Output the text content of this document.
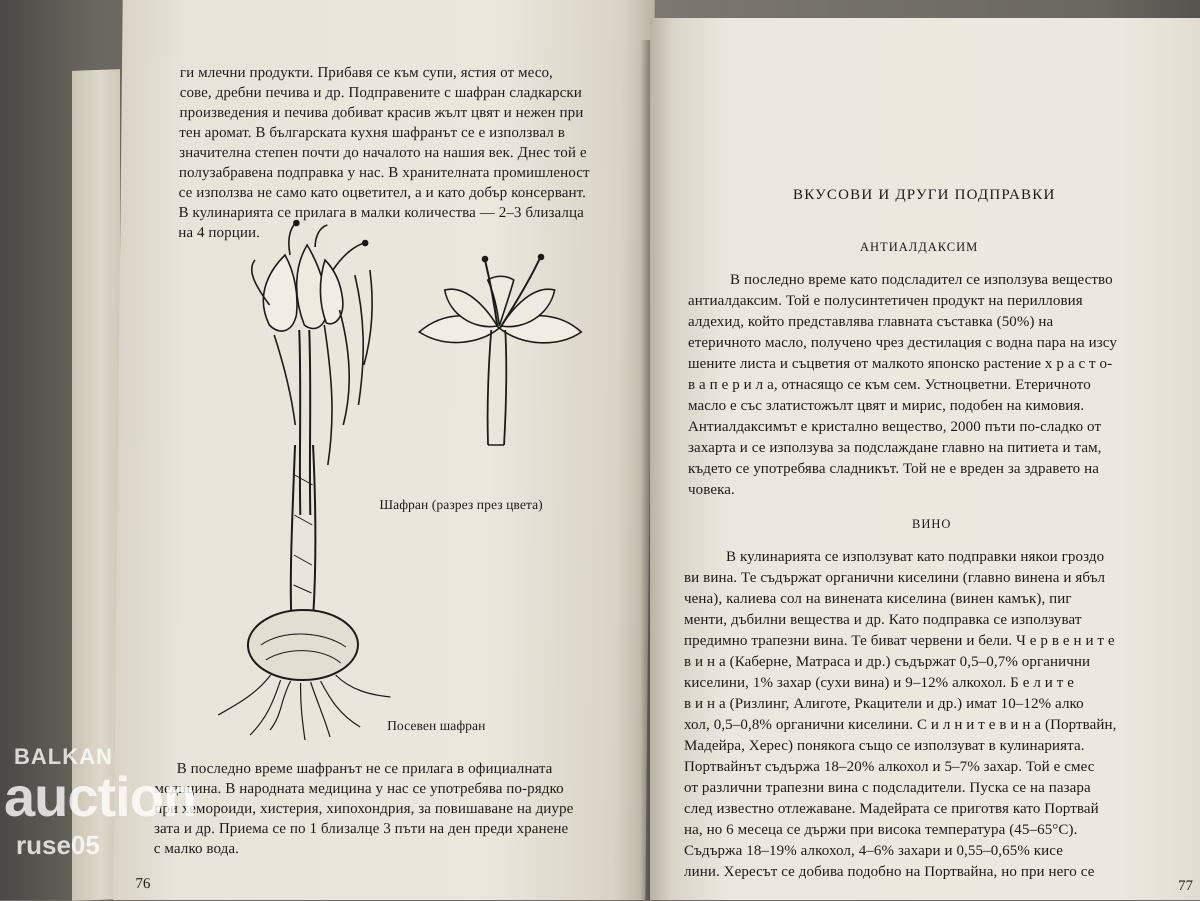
ги млечни продукти. Прибавя се към супи, ястия от месо,
сове, дребни печива и др. Подправените с шафран сладкарски
произведения и печива добиват красив жълт цвят и нежен при
тен аромат. В българската кухня шафранът се е използвал в
значителна степен почти до началото на нашия век. Днес той е
полузабравена подправка у нас. В хранителната промишленост
се използва не само като оцветител, а и като добър консервант.
В кулинарията се прилага в малки количества — 2–3 близалца
на 4 порции.
Шафран (разрез през цвета)
Посевен шафран
В последно време шафранът не се прилага в официалната
медицина. В народната медицина у нас се употребява по-рядко
при хемороиди, хистерия, хипохондрия, за повишаване на диуре
зата и др. Приема се по 1 близалце 3 пъти на ден преди хранене
с малко вода.
76
ВКУСОВИ И ДРУГИ ПОДПРАВКИ
АНТИАЛДАКСИМ
В последно време като подсладител се използува вещество
антиалдаксим. Той е полусинтетичен продукт на перилловия
алдехид, който представлява главната съставка (50%) на
етеричното масло, получено чрез дестилация с водна пара на изсу
шените листа и съцветия от малкото японско растение х р а с т о-
в а п е р и л а, отнасящо се към сем. Устноцветни. Етеричното
масло е със златистожълт цвят и мирис, подобен на кимовия.
Антиалдаксимът е кристално вещество, 2000 пъти по-сладко от
захарта и се използува за подслаждане главно на питиета и там,
където се употребява сладникът. Той не е вреден за здравето на
човека.
ВИНО
В кулинарията се използуват като подправки някои гроздо
ви вина. Те съдържат органични киселини (главно винена и ябъл
чена), калиева сол на винената киселина (винен камък), пиг
менти, дъбилни вещества и др. Като подправка се използуват
предимно трапезни вина. Те биват червени и бели. Ч е р в е н и т е
в и н а (Каберне, Матраса и др.) съдържат 0,5–0,7% органични
киселини, 1% захар (сухи вина) и 9–12% алкохол. Б е л и т е
в и н а (Ризлинг, Алиготе, Ркацители и др.) имат 10–12% алко
хол, 0,5–0,8% органични киселини. С и л н и т е в и н а (Портвайн,
Мадейра, Херес) понякога също се използуват в кулинарията.
Портвайнът съдържа 18–20% алкохол и 5–7% захар. Той е смес
от различни трапезни вина с подсладители. Пуска се на пазара
след известно отлежаване. Мадейрата се приготвя като Портвай
на, но 6 месеца се държи при висока температура (45–65°С).
Съдържа 18–19% алкохол, 4–6% захари и 0,55–0,65% кисе
лини. Хересът се добива подобно на Портвайна, но при него се
77
BALKAN
auction
ruse05
